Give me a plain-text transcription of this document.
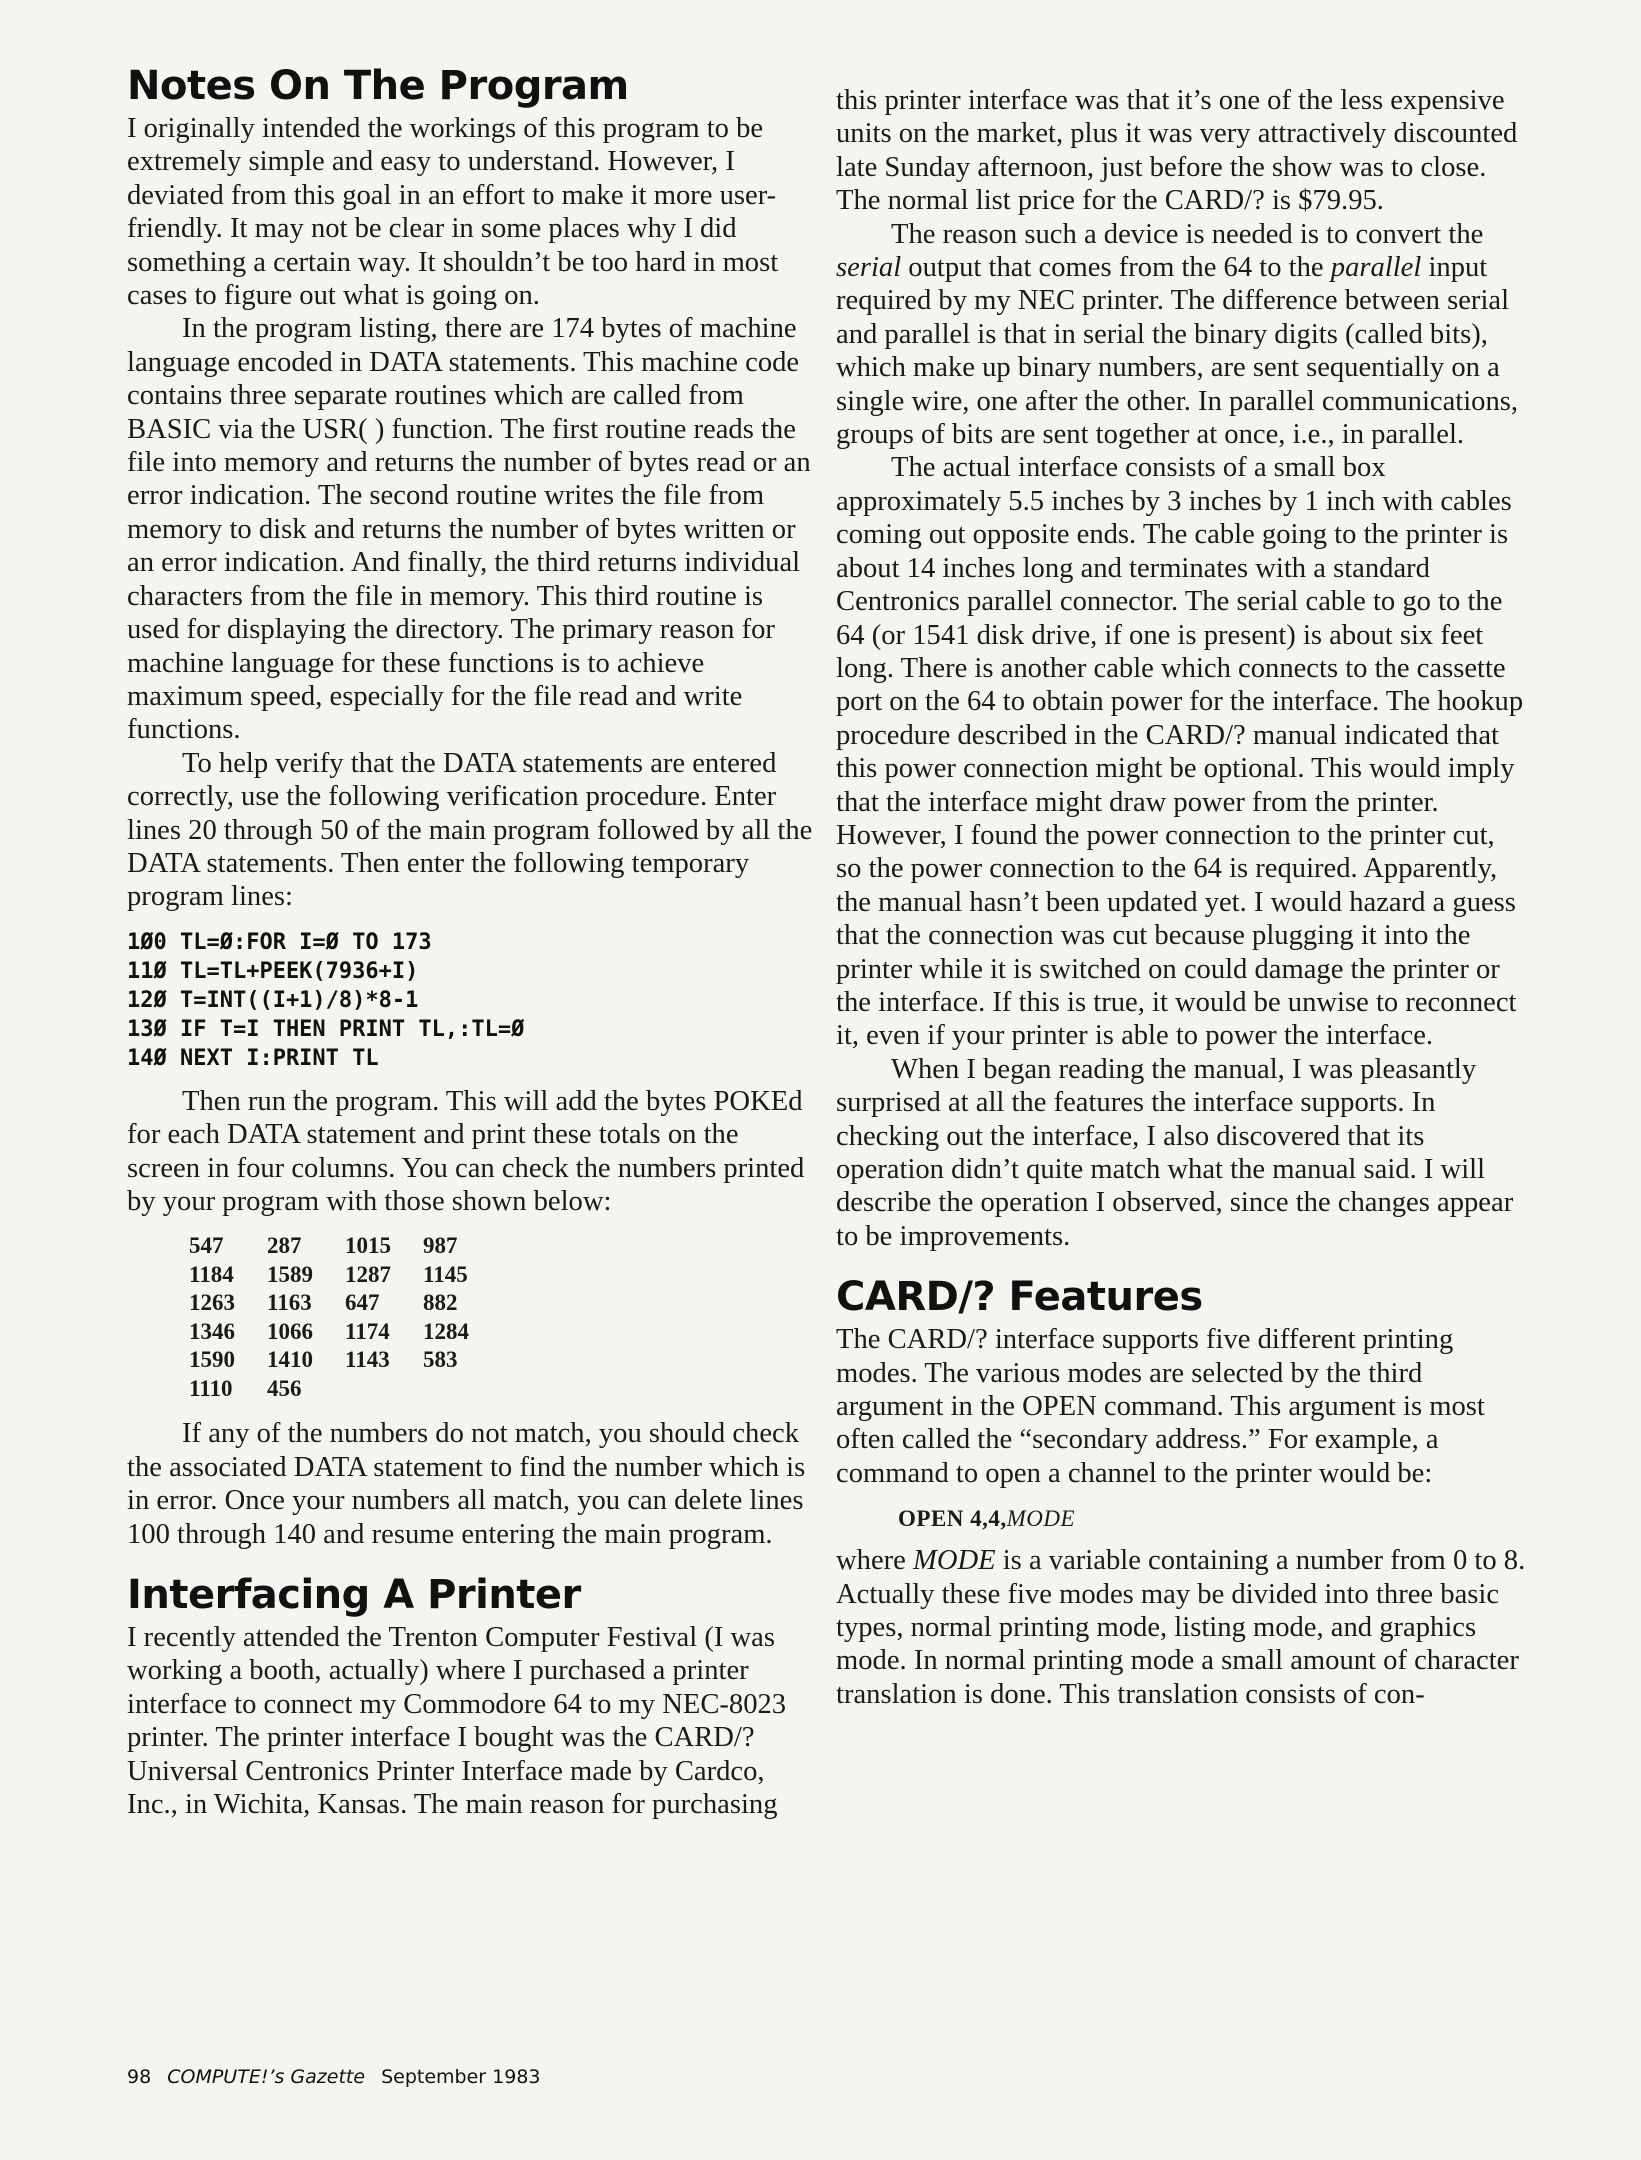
Notes On The Program

I originally intended the workings of this program to be extremely simple and easy to understand. However, I deviated from this goal in an effort to make it more user-friendly. It may not be clear in some places why I did something a certain way. It shouldn’t be too hard in most cases to figure out what is going on.

In the program listing, there are 174 bytes of machine language encoded in DATA statements. This machine code contains three separate routines which are called from BASIC via the USR( ) function. The first routine reads the file into memory and returns the number of bytes read or an error indication. The second routine writes the file from memory to disk and returns the number of bytes written or an error indication. And finally, the third returns individual characters from the file in memory. This third routine is used for displaying the directory. The primary reason for machine language for these functions is to achieve maximum speed, especially for the file read and write functions.

To help verify that the DATA statements are entered correctly, use the following verification procedure. Enter lines 20 through 50 of the main program followed by all the DATA statements. Then enter the following temporary program lines:

1Ø0 TL=Ø:FOR I=Ø TO 173
11Ø TL=TL+PEEK(7936+I)
12Ø T=INT((I+1)/8)*8-1
13Ø IF T=I THEN PRINT TL,:TL=Ø
14Ø NEXT I:PRINT TL

Then run the program. This will add the bytes POKEd for each DATA statement and print these totals on the screen in four columns. You can check the numbers printed by your program with those shown below:

547	287	1015	987
1184	1589	1287	1145
1263	1163	647	882
1346	1066	1174	1284
1590	1410	1143	583
1110	456		

If any of the numbers do not match, you should check the associated DATA statement to find the number which is in error. Once your numbers all match, you can delete lines 100 through 140 and resume entering the main program.

Interfacing A Printer

I recently attended the Trenton Computer Festival (I was working a booth, actually) where I purchased a printer interface to connect my Commodore 64 to my NEC-8023 printer. The printer interface I bought was the CARD/? Universal Centronics Printer Interface made by Cardco, Inc., in Wichita, Kansas. The main reason for purchasing

this printer interface was that it’s one of the less expensive units on the market, plus it was very attractively discounted late Sunday afternoon, just before the show was to close. The normal list price for the CARD/? is $79.95.

The reason such a device is needed is to convert the serial output that comes from the 64 to the parallel input required by my NEC printer. The difference between serial and parallel is that in serial the binary digits (called bits), which make up binary numbers, are sent sequentially on a single wire, one after the other. In parallel communications, groups of bits are sent together at once, i.e., in parallel.

The actual interface consists of a small box approximately 5.5 inches by 3 inches by 1 inch with cables coming out opposite ends. The cable going to the printer is about 14 inches long and terminates with a standard Centronics parallel connector. The serial cable to go to the 64 (or 1541 disk drive, if one is present) is about six feet long. There is another cable which connects to the cassette port on the 64 to obtain power for the interface. The hookup procedure described in the CARD/? manual indicated that this power connection might be optional. This would imply that the interface might draw power from the printer. However, I found the power connection to the printer cut, so the power connection to the 64 is required. Apparently, the manual hasn’t been updated yet. I would hazard a guess that the connection was cut because plugging it into the printer while it is switched on could damage the printer or the interface. If this is true, it would be unwise to reconnect it, even if your printer is able to power the interface.

When I began reading the manual, I was pleasantly surprised at all the features the interface supports. In checking out the interface, I also discovered that its operation didn’t quite match what the manual said. I will describe the operation I observed, since the changes appear to be improvements.

CARD/? Features

The CARD/? interface supports five different printing modes. The various modes are selected by the third argument in the OPEN command. This argument is most often called the “secondary address.” For example, a command to open a channel to the printer would be:

OPEN 4,4,MODE

where MODE is a variable containing a number from 0 to 8. Actually these five modes may be divided into three basic types, normal printing mode, listing mode, and graphics mode. In normal printing mode a small amount of character translation is done. This translation consists of con-

98 COMPUTE!’s Gazette September 1983
